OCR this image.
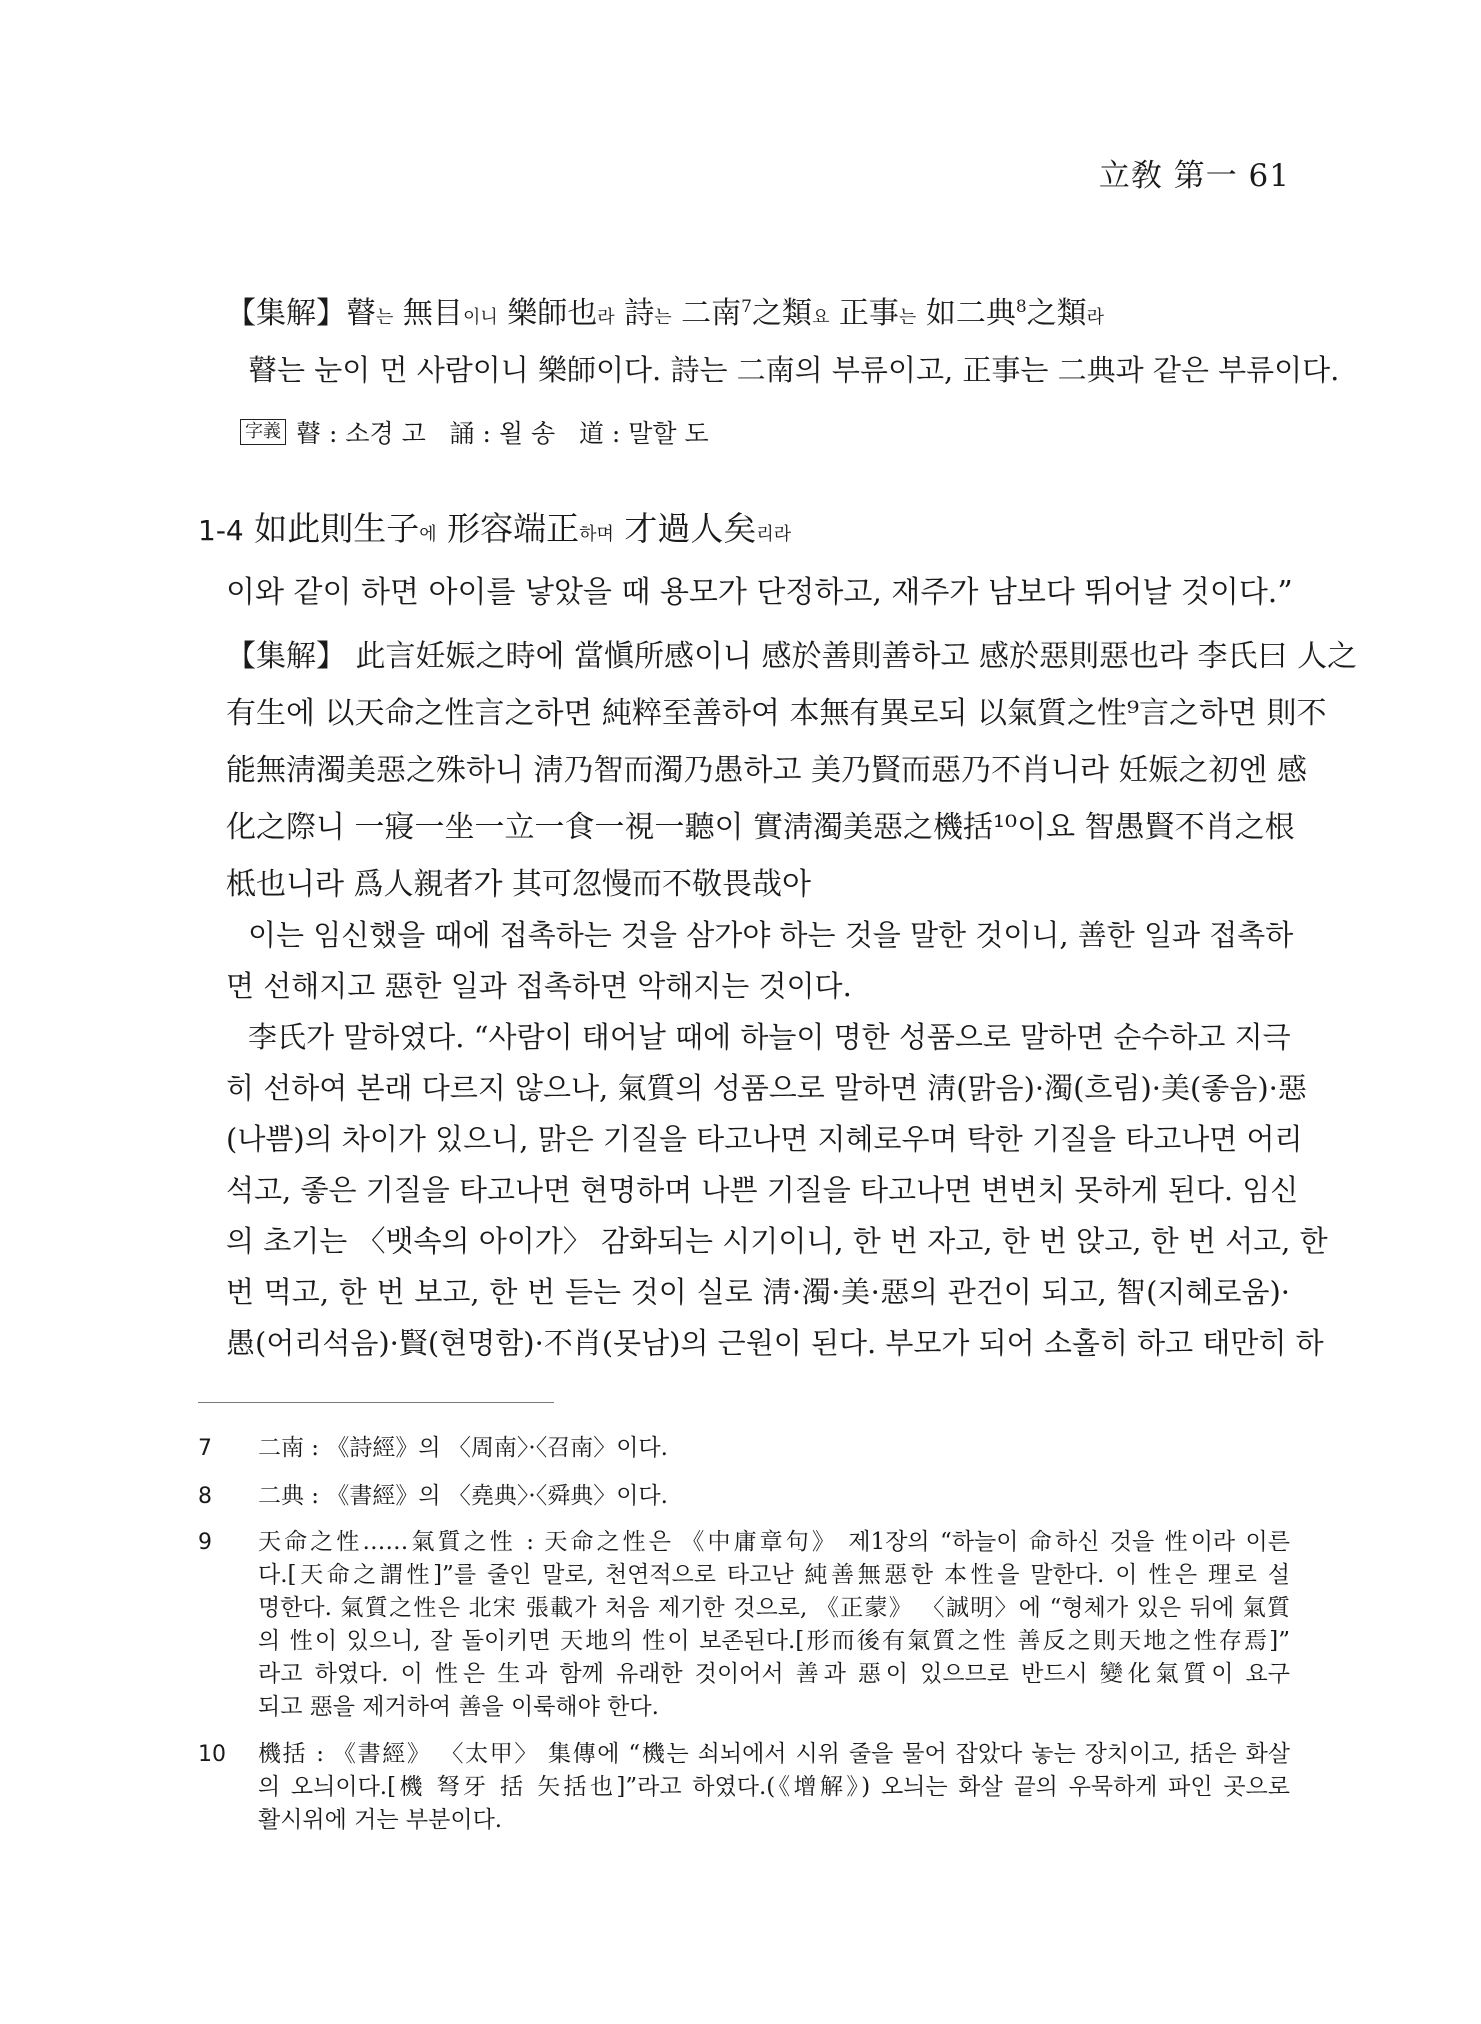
立敎 第一 61
【集解】瞽는 無目이니 樂師也라 詩는 二南$^7$之類요 正事는 如二典$^8$之類라
瞽는 눈이 먼 사람이니 樂師이다. 詩는 二南의 부류이고, 正事는 二典과 같은 부류이다.
字義 瞽 : 소경 고   誦 : 욀 송   道 : 말할 도
1-4 如此則生子에 形容端正하며 才過人矣리라
이와 같이 하면 아이를 낳았을 때 용모가 단정하고, 재주가 남보다 뛰어날 것이다.”
【集解】 此言妊娠之時에 當愼所感이니 感於善則善하고 感於惡則惡也라 李氏曰 人之
有生에 以天命之性言之하면 純粹至善하여 本無有異로되 以氣質之性⁹言之하면 則不
能無淸濁美惡之殊하니 淸乃智而濁乃愚하고 美乃賢而惡乃不肖니라 妊娠之初엔 感
化之際니 一寢一坐一立一食一視一聽이 實淸濁美惡之機括¹⁰이요 智愚賢不肖之根
柢也니라 爲人親者가 其可忽慢而不敬畏哉아
이는 임신했을 때에 접촉하는 것을 삼가야 하는 것을 말한 것이니, 善한 일과 접촉하
면 선해지고 惡한 일과 접촉하면 악해지는 것이다.
李氏가 말하였다. “사람이 태어날 때에 하늘이 명한 성품으로 말하면 순수하고 지극
히 선하여 본래 다르지 않으나, 氣質의 성품으로 말하면 淸(맑음)·濁(흐림)·美(좋음)·惡
(나쁨)의 차이가 있으니, 맑은 기질을 타고나면 지혜로우며 탁한 기질을 타고나면 어리
석고, 좋은 기질을 타고나면 현명하며 나쁜 기질을 타고나면 변변치 못하게 된다. 임신
의 초기는 〈뱃속의 아이가〉 감화되는 시기이니, 한 번 자고, 한 번 앉고, 한 번 서고, 한
번 먹고, 한 번 보고, 한 번 듣는 것이 실로 淸·濁·美·惡의 관건이 되고, 智(지혜로움)·
愚(어리석음)·賢(현명함)·不肖(못남)의 근원이 된다. 부모가 되어 소홀히 하고 태만히 하
7 二南 : 《詩經》의 〈周南〉·〈召南〉이다.
8 二典 : 《書經》의 〈堯典〉·〈舜典〉이다.
9 天命之性……氣質之性 : 天命之性은 《中庸章句》 제1장의 “하늘이 命하신 것을 性이라 이른
다.[天命之謂性]”를 줄인 말로, 천연적으로 타고난 純善無惡한 本性을 말한다. 이 性은 理로 설
명한다. 氣質之性은 北宋 張載가 처음 제기한 것으로, 《正蒙》 〈誠明〉에 “형체가 있은 뒤에 氣質
의 性이 있으니, 잘 돌이키면 天地의 性이 보존된다.[形而後有氣質之性 善反之則天地之性存焉]”
라고 하였다. 이 性은 生과 함께 유래한 것이어서 善과 惡이 있으므로 반드시 變化氣質이 요구
되고 惡을 제거하여 善을 이룩해야 한다.
10 機括 : 《書經》 〈太甲〉 集傳에 “機는 쇠뇌에서 시위 줄을 물어 잡았다 놓는 장치이고, 括은 화살
의 오늬이다.[機 弩牙 括 矢括也]”라고 하였다.(《增解》) 오늬는 화살 끝의 우묵하게 파인 곳으로
활시위에 거는 부분이다.
